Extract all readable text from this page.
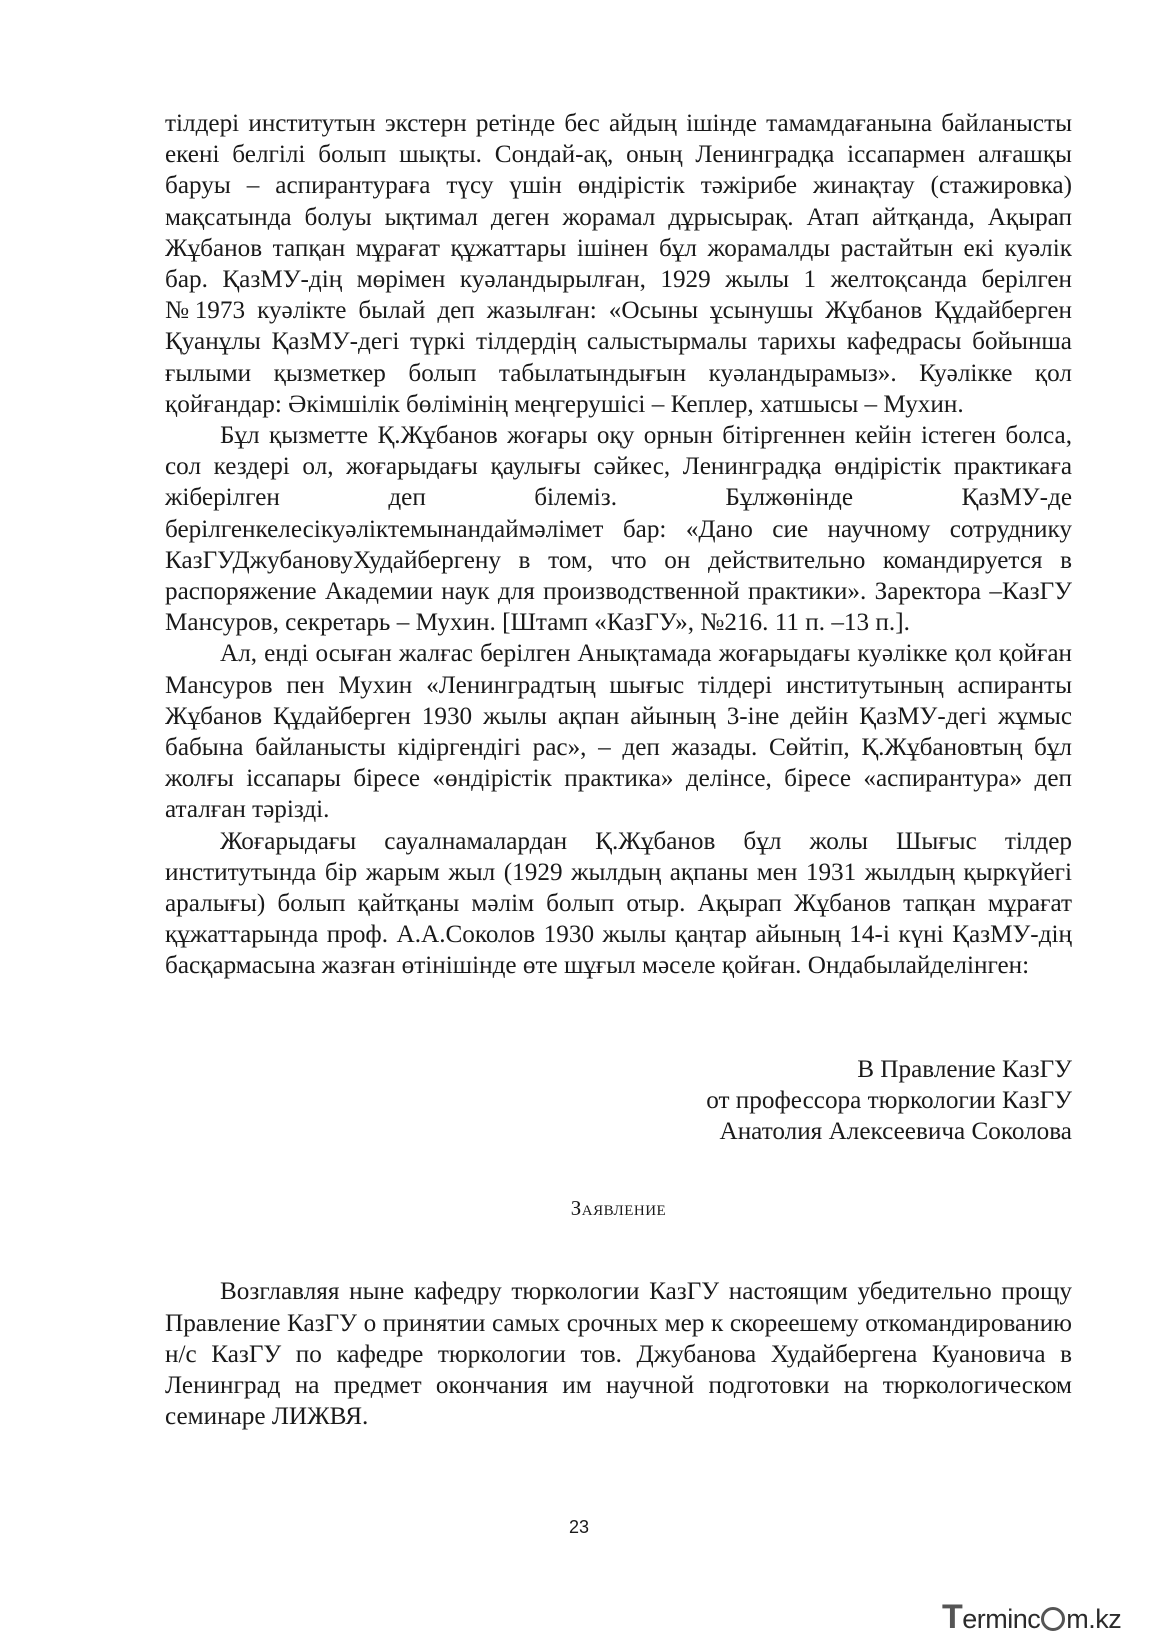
тілдері институтын экстерн ретінде бес айдың ішінде тамамдағанына байланысты екені белгілі болып шықты. Сондай-ақ, оның Ленинградқа іссапармен алғашқы баруы – аспирантураға түсу үшін өндірістік тәжірибе жинақтау (стажировка) мақсатында болуы ықтимал деген жорамал дұрысырақ. Атап айтқанда, Ақырап Жұбанов тапқан мұрағат құжаттары ішінен бұл жорамалды растайтын екі куәлік бар. ҚазМУ-дің мөрімен куәландырылған, 1929 жылы 1 желтоқсанда берілген №1973 куәлікте былай деп жазылған: «Осыны ұсынушы Жұбанов Құдайберген Қуанұлы ҚазМУ-дегі түркі тілдердің салыстырмалы тарихы кафедрасы бойынша ғылыми қызметкер болып табылатындығын куәландырамыз». Куәлікке қол қойғандар: Әкімшілік бөлімінің меңгерушісі – Кеплер, хатшысы – Мухин.

Бұл қызметте Қ.Жұбанов жоғары оқу орнын бітіргеннен кейін істеген болса, сол кездері ол, жоғарыдағы қаулығы сәйкес, Ленинградқа өндірістік практикаға жіберілген деп білеміз. Бұлжөнінде ҚазМУ-де берілгенкелесікуәліктемынандаймәлімет бар: «Дано сие научному сотруднику КазГУДжубановуХудайбергену в том, что он действительно командируется в распоряжение Академии наук для производственной практики». Заректора –КазГУ Мансуров, секретарь – Мухин. [Штамп «КазГУ», №216. 11 п. –13 п.].

Ал, енді осыған жалғас берілген Анықтамада жоғарыдағы куәлікке қол қойған Мансуров пен Мухин «Ленинградтың шығыс тілдері институтының аспиранты Жұбанов Құдайберген 1930 жылы ақпан айының 3-іне дейін ҚазМУ-дегі жұмыс бабына байланысты кідіргендігі рас», – деп жазады. Сөйтіп, Қ.Жұбановтың бұл жолғы іссапары біресе «өндірістік практика» делінсе, біресе «аспирантура» деп аталған тәрізді.

Жоғарыдағы сауалнамалардан Қ.Жұбанов бұл жолы Шығыс тілдер институтында бір жарым жыл (1929 жылдың ақпаны мен 1931 жылдың қыркүйегі аралығы) болып қайтқаны мәлім болып отыр. Ақырап Жұбанов тапқан мұрағат құжаттарында проф. А.А.Соколов 1930 жылы қаңтар айының 14-і күні ҚазМУ-дің басқармасына жазған өтінішінде өте шұғыл мәселе қойған. Ондабылайделінген:

В Правление КазГУ
от профессора тюркологии КазГУ
Анатолия Алексеевича Соколова
Заявление

Возглавляя ныне кафедру тюркологии КазГУ настоящим убедительно прощу Правление КазГУ о принятии самых срочных мер к скореешему откомандированию н/с КазГУ по кафедре тюркологии тов. Джубанова Худайбергена Куановича в Ленинград на предмет окончания им научной подготовки на тюркологическом семинаре ЛИЖВЯ.

23
Terminc m.kz
